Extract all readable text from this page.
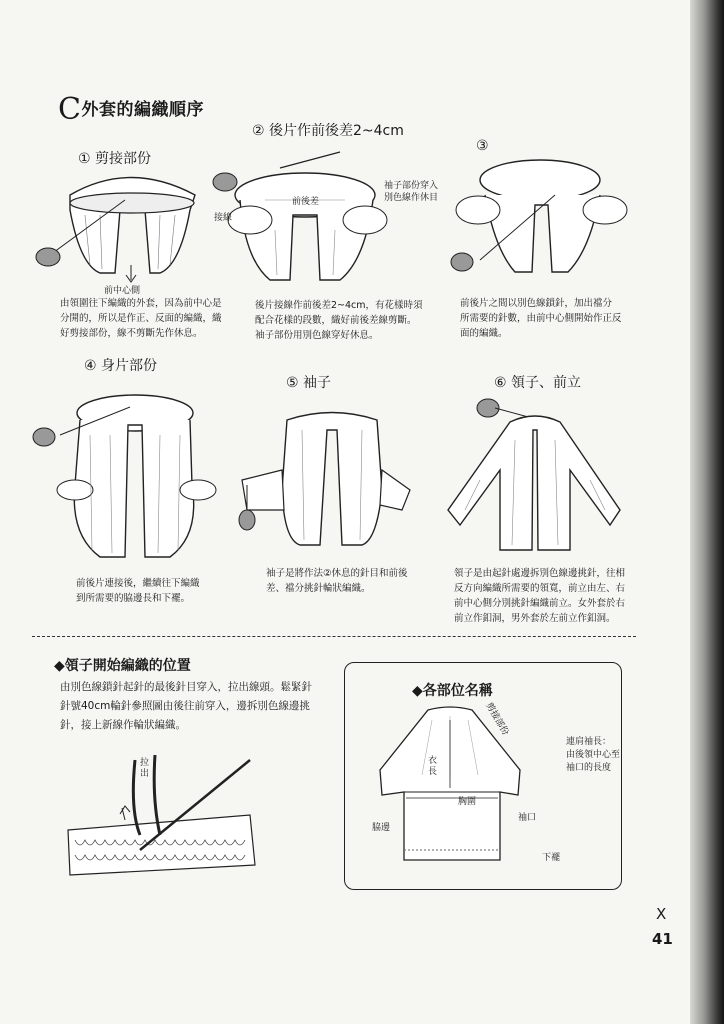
C外套的編織順序
① 剪接部份
前中心側
由領圍往下編織的外套，因為前中心是
分開的，所以是作正、反面的編織，織
好剪接部份，線不剪斷先作休息。
② 後片作前後差2~4cm
前後差
接線
袖子部份穿入
別色線作休目
後片接線作前後差2~4cm，有花樣時須
配合花樣的段數，織好前後差線剪斷。
袖子部份用別色線穿好休息。
③
前後片之間以別色線鎖針，加出襠分
所需要的針數，由前中心側開始作正反
面的編織。
④ 身片部份
前後片連接後，繼續往下編織
到所需要的脇邊長和下襬。
⑤ 袖子
袖子是將作法②休息的針目和前後
差、襠分挑針輪狀編織。
⑥ 領子、前立
領子是由起針處邊拆別色線邊挑針，往相
反方向編織所需要的領寬，前立由左、右
前中心側分別挑針編織前立。女外套於右
前立作釦洞，男外套於左前立作釦洞。
◆領子開始編織的位置
由別色線鎖針起針的最後針目穿入，拉出線頭。鬆緊針
針號40cm輪針參照圖由後往前穿入，邊拆別色線邊挑
針，接上新線作輪狀編織。
拉出
◆各部位名稱
剪接部份
衣長
胸圍
袖口
脇邊
下襬
連肩袖長：
由後領中心至
袖口的長度
X
41
